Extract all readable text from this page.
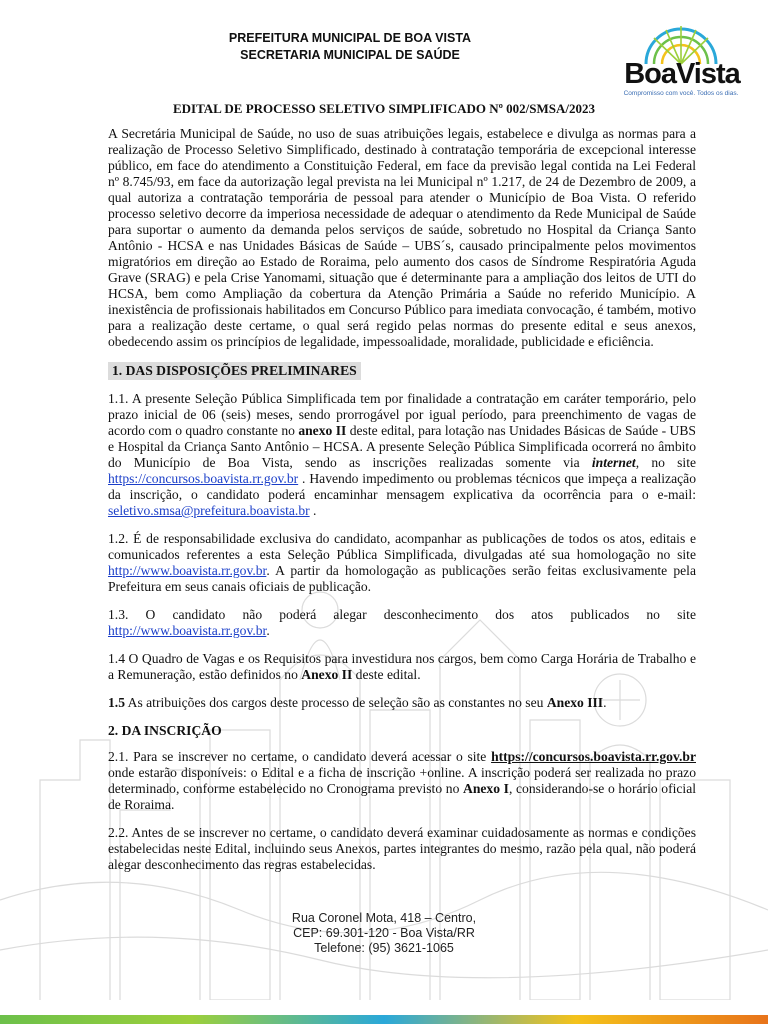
PREFEITURA MUNICIPAL DE BOA VISTA
SECRETARIA MUNICIPAL DE SAÚDE
BoaVista
Compromisso com você. Todos os dias.
EDITAL DE PROCESSO SELETIVO SIMPLIFICADO Nº 002/SMSA/2023

A Secretária Municipal de Saúde, no uso de suas atribuições legais, estabelece e divulga as normas para a realização de Processo Seletivo Simplificado, destinado à contratação temporária de excepcional interesse público, em face do atendimento a Constituição Federal, em face da previsão legal contida na Lei Federal nº 8.745/93, em face da autorização legal prevista na lei Municipal nº 1.217, de 24 de Dezembro de 2009, a qual autoriza a contratação temporária de pessoal para atender o Município de Boa Vista. O referido processo seletivo decorre da imperiosa necessidade de adequar o atendimento da Rede Municipal de Saúde para suportar o aumento da demanda pelos serviços de saúde, sobretudo no Hospital da Criança Santo Antônio - HCSA e nas Unidades Básicas de Saúde – UBS´s, causado principalmente pelos movimentos migratórios em direção ao Estado de Roraima, pelo aumento dos casos de Síndrome Respiratória Aguda Grave (SRAG) e pela Crise Yanomami, situação que é determinante para a ampliação dos leitos de UTI do HCSA, bem como Ampliação da cobertura da Atenção Primária a Saúde no referido Município. A inexistência de profissionais habilitados em Concurso Público para imediata convocação, é também, motivo para a realização deste certame, o qual será regido pelas normas do presente edital e seus anexos, obedecendo assim os princípios de legalidade, impessoalidade, moralidade, publicidade e eficiência.

1. DAS DISPOSIÇÕES PRELIMINARES

1.1. A presente Seleção Pública Simplificada tem por finalidade a contratação em caráter temporário, pelo prazo inicial de 06 (seis) meses, sendo prorrogável por igual período, para preenchimento de vagas de acordo com o quadro constante no anexo II deste edital, para lotação nas Unidades Básicas de Saúde - UBS e Hospital da Criança Santo Antônio – HCSA. A presente Seleção Pública Simplificada ocorrerá no âmbito do Município de Boa Vista, sendo as inscrições realizadas somente via internet, no site https://concursos.boavista.rr.gov.br . Havendo impedimento ou problemas técnicos que impeça a realização da inscrição, o candidato poderá encaminhar mensagem explicativa da ocorrência para o e-mail: seletivo.smsa@prefeitura.boavista.br .

1.2. É de responsabilidade exclusiva do candidato, acompanhar as publicações de todos os atos, editais e comunicados referentes a esta Seleção Pública Simplificada, divulgadas até sua homologação no site http://www.boavista.rr.gov.br. A partir da homologação as publicações serão feitas exclusivamente pela Prefeitura em seus canais oficiais de publicação.

1.3. O candidato não poderá alegar desconhecimento dos atos publicados no site http://www.boavista.rr.gov.br.

1.4 O Quadro de Vagas e os Requisitos para investidura nos cargos, bem como Carga Horária de Trabalho e a Remuneração, estão definidos no Anexo II deste edital.

1.5 As atribuições dos cargos deste processo de seleção são as constantes no seu Anexo III.

2. DA INSCRIÇÃO

2.1. Para se inscrever no certame, o candidato deverá acessar o site https://concursos.boavista.rr.gov.br onde estarão disponíveis: o Edital e a ficha de inscrição +online. A inscrição poderá ser realizada no prazo determinado, conforme estabelecido no Cronograma previsto no Anexo I, considerando-se o horário oficial de Roraima.

2.2. Antes de se inscrever no certame, o candidato deverá examinar cuidadosamente as normas e condições estabelecidas neste Edital, incluindo seus Anexos, partes integrantes do mesmo, razão pela qual, não poderá alegar desconhecimento das regras estabelecidas.

Rua Coronel Mota, 418 – Centro,
CEP: 69.301-120 - Boa Vista/RR
Telefone: (95) 3621-1065
